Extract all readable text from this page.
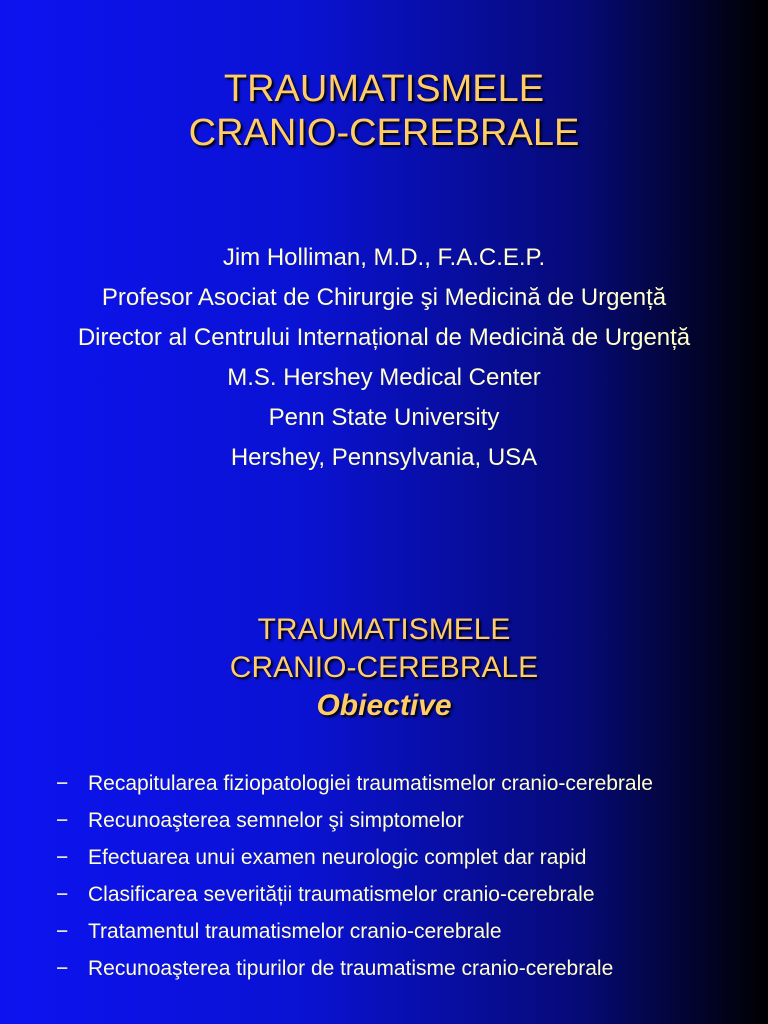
TRAUMATISMELE
CRANIO-CEREBRALE
Jim Holliman, M.D., F.A.C.E.P.
Profesor Asociat de Chirurgie şi Medicină de Urgență
Director al Centrului Internațional de Medicină de Urgență
M.S. Hershey Medical Center
Penn State University
Hershey, Pennsylvania, USA
TRAUMATISMELE
CRANIO-CEREBRALE
Obiective
− Recapitularea fiziopatologiei traumatismelor cranio-cerebrale
− Recunoaşterea semnelor şi simptomelor
− Efectuarea unui examen neurologic complet dar rapid
− Clasificarea severității traumatismelor cranio-cerebrale
− Tratamentul traumatismelor cranio-cerebrale
− Recunoaşterea tipurilor de traumatisme cranio-cerebrale
